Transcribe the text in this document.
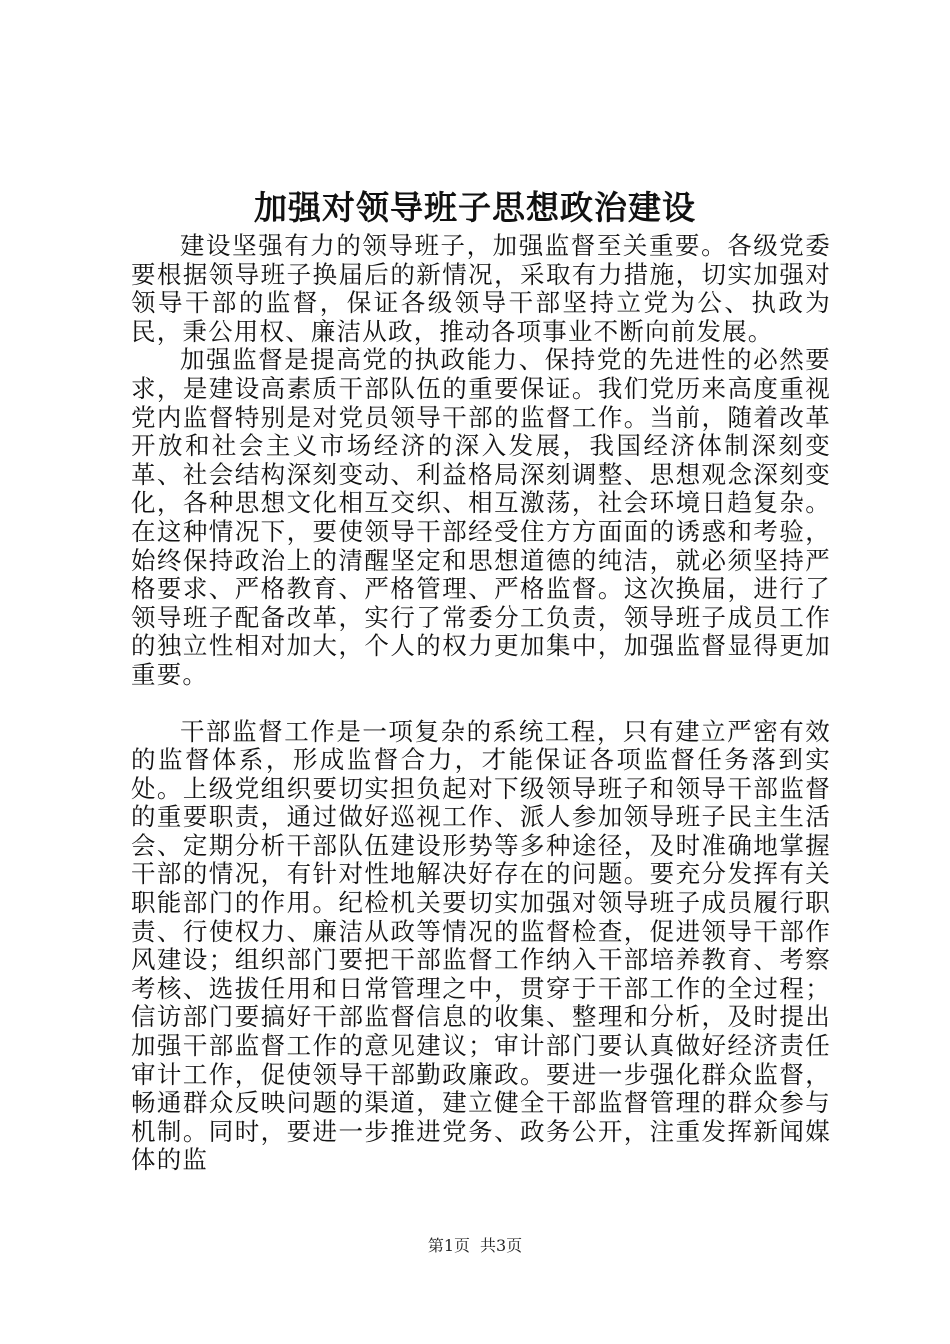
加强对领导班子思想政治建设

建设坚强有力的领导班子，加强监督至关重要。各级党委要根据领导班子换届后的新情况，采取有力措施，切实加强对领导干部的监督，保证各级领导干部坚持立党为公、执政为民，秉公用权、廉洁从政，推动各项事业不断向前发展。

加强监督是提高党的执政能力、保持党的先进性的必然要求，是建设高素质干部队伍的重要保证。我们党历来高度重视党内监督特别是对党员领导干部的监督工作。当前，随着改革开放和社会主义市场经济的深入发展，我国经济体制深刻变革、社会结构深刻变动、利益格局深刻调整、思想观念深刻变化，各种思想文化相互交织、相互激荡，社会环境日趋复杂。在这种情况下，要使领导干部经受住方方面面的诱惑和考验，始终保持政治上的清醒坚定和思想道德的纯洁，就必须坚持严格要求、严格教育、严格管理、严格监督。这次换届，进行了领导班子配备改革，实行了常委分工负责，领导班子成员工作的独立性相对加大，个人的权力更加集中，加强监督显得更加重要。

干部监督工作是一项复杂的系统工程，只有建立严密有效的监督体系，形成监督合力，才能保证各项监督任务落到实处。上级党组织要切实担负起对下级领导班子和领导干部监督的重要职责，通过做好巡视工作、派人参加领导班子民主生活会、定期分析干部队伍建设形势等多种途径，及时准确地掌握干部的情况，有针对性地解决好存在的问题。要充分发挥有关职能部门的作用。纪检机关要切实加强对领导班子成员履行职责、行使权力、廉洁从政等情况的监督检查，促进领导干部作风建设；组织部门要把干部监督工作纳入干部培养教育、考察考核、选拔任用和日常管理之中，贯穿于干部工作的全过程；信访部门要搞好干部监督信息的收集、整理和分析，及时提出加强干部监督工作的意见建议；审计部门要认真做好经济责任审计工作，促使领导干部勤政廉政。要进一步强化群众监督，畅通群众反映问题的渠道，建立健全干部监督管理的群众参与机制。同时，要进一步推进党务、政务公开，注重发挥新闻媒体的监

第1页 共3页
